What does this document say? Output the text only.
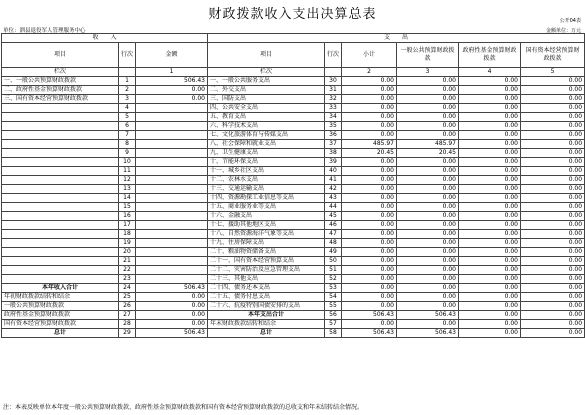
财政拨款收入支出决算总表	公开04表
单位：泗县退役军人管理服务中心	金额单位：万元
收　　入			支　　出					
项目	行次	金额	项目	行次	小计	一般公共预算财政拨款	政府性基金预算财政拨款	国有资本经营预算财政拨款
栏次		1	栏次		2	3	4	5
一、一般公共预算财政拨款	1	506.43	一、一般公共服务支出	30	0.00	0.00	0.00	0.00
二、政府性基金预算财政拨款	2	0.00	二、外交支出	31	0.00	0.00	0.00	0.00
三、国有资本经营预算财政拨款	3	0.00	三、国防支出	32	0.00	0.00	0.00	0.00
	4		四、公共安全支出	33	0.00	0.00	0.00	0.00
	5		五、教育支出	34	0.00	0.00	0.00	0.00
	6		六、科学技术支出	35	0.00	0.00	0.00	0.00
	7		七、文化旅游体育与传媒支出	36	0.00	0.00	0.00	0.00
	8		八、社会保障和就业支出	37	485.97	485.97	0.00	0.00
	9		九、卫生健康支出	38	20.45	20.45	0.00	0.00
	10		十、节能环保支出	39	0.00	0.00	0.00	0.00
	11		十一、城乡社区支出	40	0.00	0.00	0.00	0.00
	12		十二、农林水支出	41	0.00	0.00	0.00	0.00
	13		十三、交通运输支出	42	0.00	0.00	0.00	0.00
	14		十四、资源勘探工业信息等支出	43	0.00	0.00	0.00	0.00
	15		十五、商业服务业等支出	44	0.00	0.00	0.00	0.00
	16		十六、金融支出	45	0.00	0.00	0.00	0.00
	17		十七、援助其他地区支出	46	0.00	0.00	0.00	0.00
	18		十八、自然资源海洋气象等支出	47	0.00	0.00	0.00	0.00
	19		十九、住房保障支出	48	0.00	0.00	0.00	0.00
	20		二十、粮油物资储备支出	49	0.00	0.00	0.00	0.00
	21		二十一、国有资本经营预算支出	50	0.00	0.00	0.00	0.00
	22		二十二、灾害防治及应急管理支出	51	0.00	0.00	0.00	0.00
	23		二十三、其他支出	52	0.00	0.00	0.00	0.00
本年收入合计	24	506.43	二十四、债务还本支出	53	0.00	0.00	0.00	0.00
年初财政拨款结转和结余	25	0.00	二十五、债务付息支出	54	0.00	0.00	0.00	0.00
一般公共预算财政拨款	26	0.00	二十六、抗疫特别国债安排的支出	55	0.00	0.00	0.00	0.00
政府性基金预算财政拨款	27	0.00	本年支出合计	56	506.43	506.43	0.00	0.00
国有资本经营预算财政拨款	28	0.00	年末财政拨款结转和结余	57	0.00	0.00	0.00	0.00
总计	29	506.43	总计	58	506.43	506.43	0.00	0.00
注：本表反映单位本年度一般公共预算财政拨款、政府性基金预算财政拨款和国有资本经营预算财政拨款的总收支和年末结转结余情况。
